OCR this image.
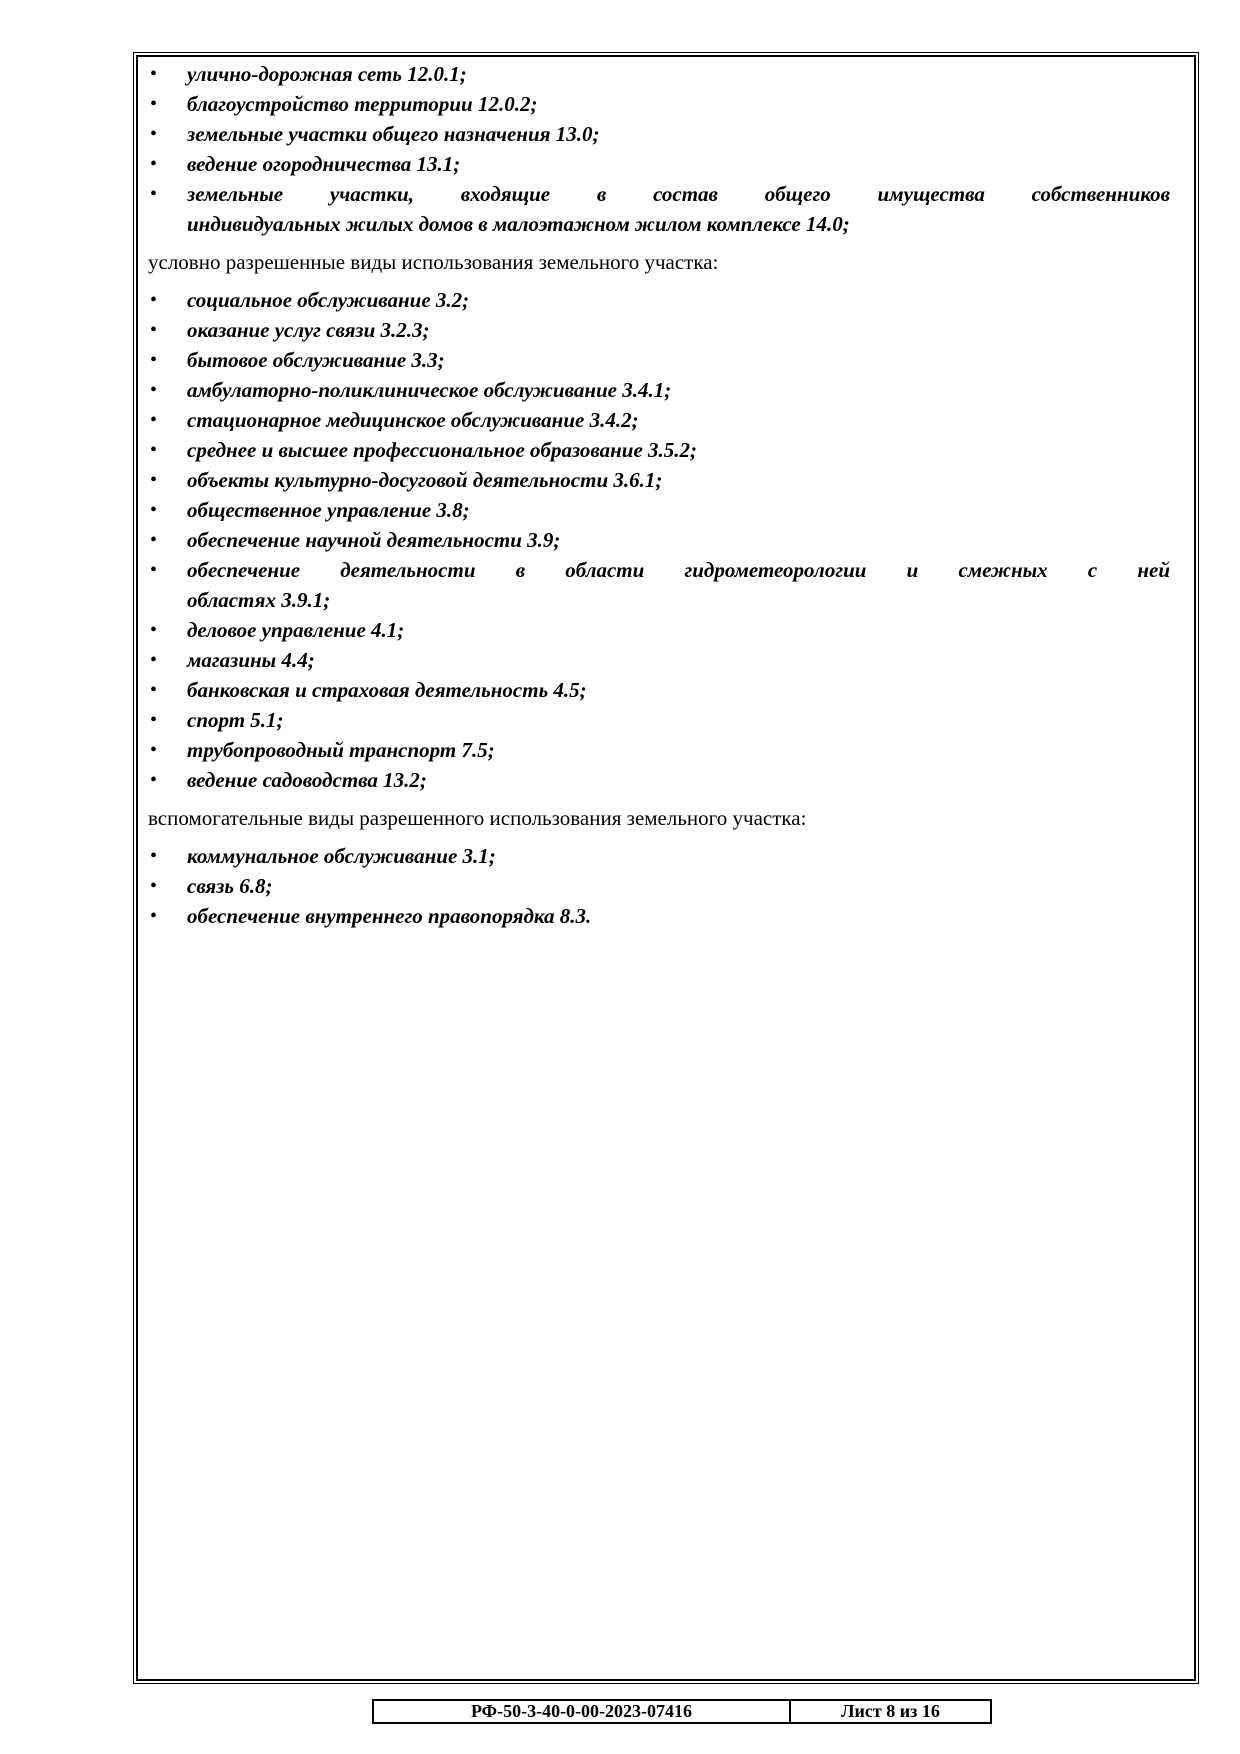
• улично-дорожная сеть 12.0.1;
• благоустройство территории 12.0.2;
• земельные участки общего назначения 13.0;
• ведение огородничества 13.1;
• земельные участки, входящие в состав общего имущества собственников
индивидуальных жилых домов в малоэтажном жилом комплексе 14.0;
условно разрешенные виды использования земельного участка:
• социальное обслуживание 3.2;
• оказание услуг связи 3.2.3;
• бытовое обслуживание 3.3;
• амбулаторно-поликлиническое обслуживание 3.4.1;
• стационарное медицинское обслуживание 3.4.2;
• среднее и высшее профессиональное образование 3.5.2;
• объекты культурно-досуговой деятельности 3.6.1;
• общественное управление 3.8;
• обеспечение научной деятельности 3.9;
• обеспечение деятельности в области гидрометеорологии и смежных с ней
областях 3.9.1;
• деловое управление 4.1;
• магазины 4.4;
• банковская и страховая деятельность 4.5;
• спорт 5.1;
• трубопроводный транспорт 7.5;
• ведение садоводства 13.2;
вспомогательные виды разрешенного использования земельного участка:
• коммунальное обслуживание 3.1;
• связь 6.8;
• обеспечение внутреннего правопорядка 8.3.
РФ-50-3-40-0-00-2023-07416	Лист 8 из 16
